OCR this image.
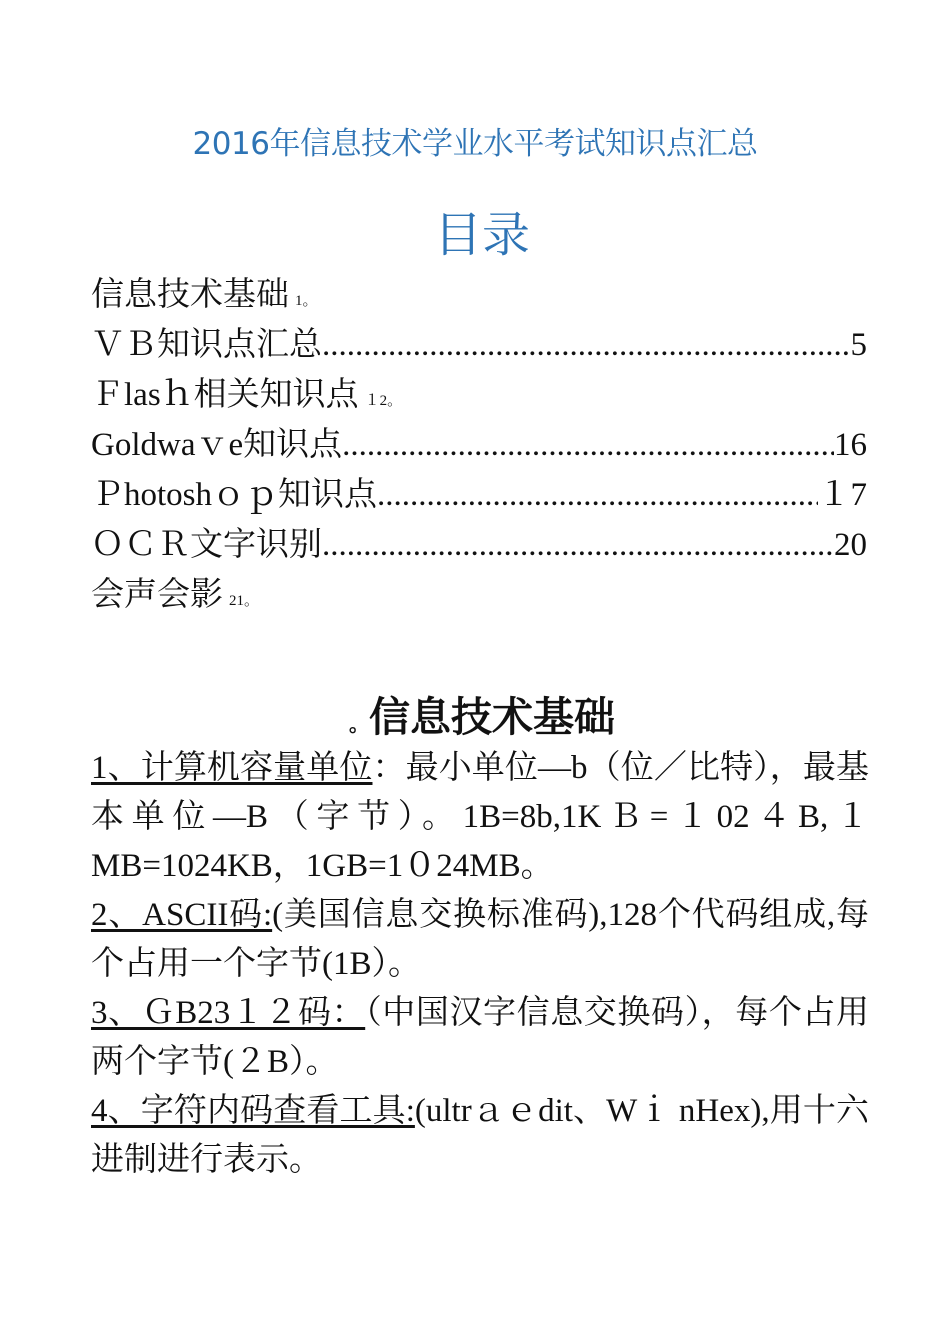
2016年信息技术学业水平考试知识点汇总
目录
信息技术基础 1。
ＶＢ知识点汇总 .....	5
Ｆlasｈ相关知识点 １2。
Goldwaｖe知识点 .....	16
Ｐhotoshｏｐ知识点 .....	１7
ＯＣＲ文字识别 .....	20
会声会影 21。
。信息技术基础

1、计算机容量单位：最小单位—b（位／比特），最基本单位—B（字节）。1B=8b,1KＢ=１02４B,１MB=1024KB，1GB=1０24MB。

2、ASCII码:(美国信息交换标准码),128个代码组成,每个占用一个字节(1B）。

3、ＧB23１２码：（中国汉字信息交换码），每个占用两个字节(２B）。

4、字符内码查看工具:(ultrａｅdit、Wｉ nHex),用十六进制进行表示。
